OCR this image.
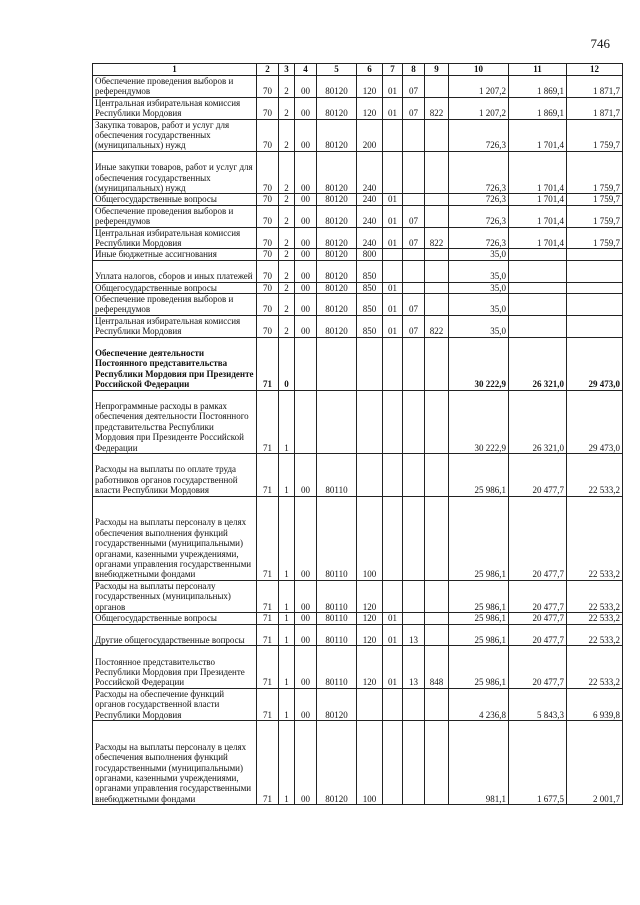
746
1	2	3	4	5	6	7	8	9	10	11	12
Обеспечение проведения выборов и референдумов	70	2	00	80120	120	01	07		1 207,2	1 869,1	1 871,7
Центральная избирательная комиссия Республики Мордовия	70	2	00	80120	120	01	07	822	1 207,2	1 869,1	1 871,7
Закупка товаров, работ и услуг для обеспечения государственных (муниципальных) нужд	70	2	00	80120	200				726,3	1 701,4	1 759,7
Иные закупки товаров, работ и услуг для обеспечения государственных (муниципальных) нужд	70	2	00	80120	240				726,3	1 701,4	1 759,7
Общегосударственные вопросы	70	2	00	80120	240	01			726,3	1 701,4	1 759,7
Обеспечение проведения выборов и референдумов	70	2	00	80120	240	01	07		726,3	1 701,4	1 759,7
Центральная избирательная комиссия Республики Мордовия	70	2	00	80120	240	01	07	822	726,3	1 701,4	1 759,7
Иные бюджетные ассигнования	70	2	00	80120	800				35,0		
Уплата налогов, сборов и иных платежей	70	2	00	80120	850				35,0		
Общегосударственные вопросы	70	2	00	80120	850	01			35,0		
Обеспечение проведения выборов и референдумов	70	2	00	80120	850	01	07		35,0		
Центральная избирательная комиссия Республики Мордовия	70	2	00	80120	850	01	07	822	35,0		
Обеспечение деятельности Постоянного представительства Республики Мордовия при Президенте Российской Федерации	71	0							30 222,9	26 321,0	29 473,0
Непрограммные расходы в рамках обеспечения деятельности Постоянного представительства Республики Мордовия при Президенте Российской Федерации	71	1							30 222,9	26 321,0	29 473,0
Расходы на выплаты по оплате труда работников органов государственной власти Республики Мордовия	71	1	00	80110					25 986,1	20 477,7	22 533,2
Расходы на выплаты персоналу в целях обеспечения выполнения функций государственными (муниципальными) органами, казенными учреждениями, органами управления государственными внебюджетными фондами	71	1	00	80110	100				25 986,1	20 477,7	22 533,2
Расходы на выплаты персоналу государственных (муниципальных) органов	71	1	00	80110	120				25 986,1	20 477,7	22 533,2
Общегосударственные вопросы	71	1	00	80110	120	01			25 986,1	20 477,7	22 533,2
Другие общегосударственные вопросы	71	1	00	80110	120	01	13		25 986,1	20 477,7	22 533,2
Постоянное представительство Республики Мордовия при Президенте Российской Федерации	71	1	00	80110	120	01	13	848	25 986,1	20 477,7	22 533,2
Расходы на обеспечение функций органов государственной власти Республики Мордовия	71	1	00	80120					4 236,8	5 843,3	6 939,8
Расходы на выплаты персоналу в целях обеспечения выполнения функций государственными (муниципальными) органами, казенными учреждениями, органами управления государственными внебюджетными фондами	71	1	00	80120	100				981,1	1 677,5	2 001,7
